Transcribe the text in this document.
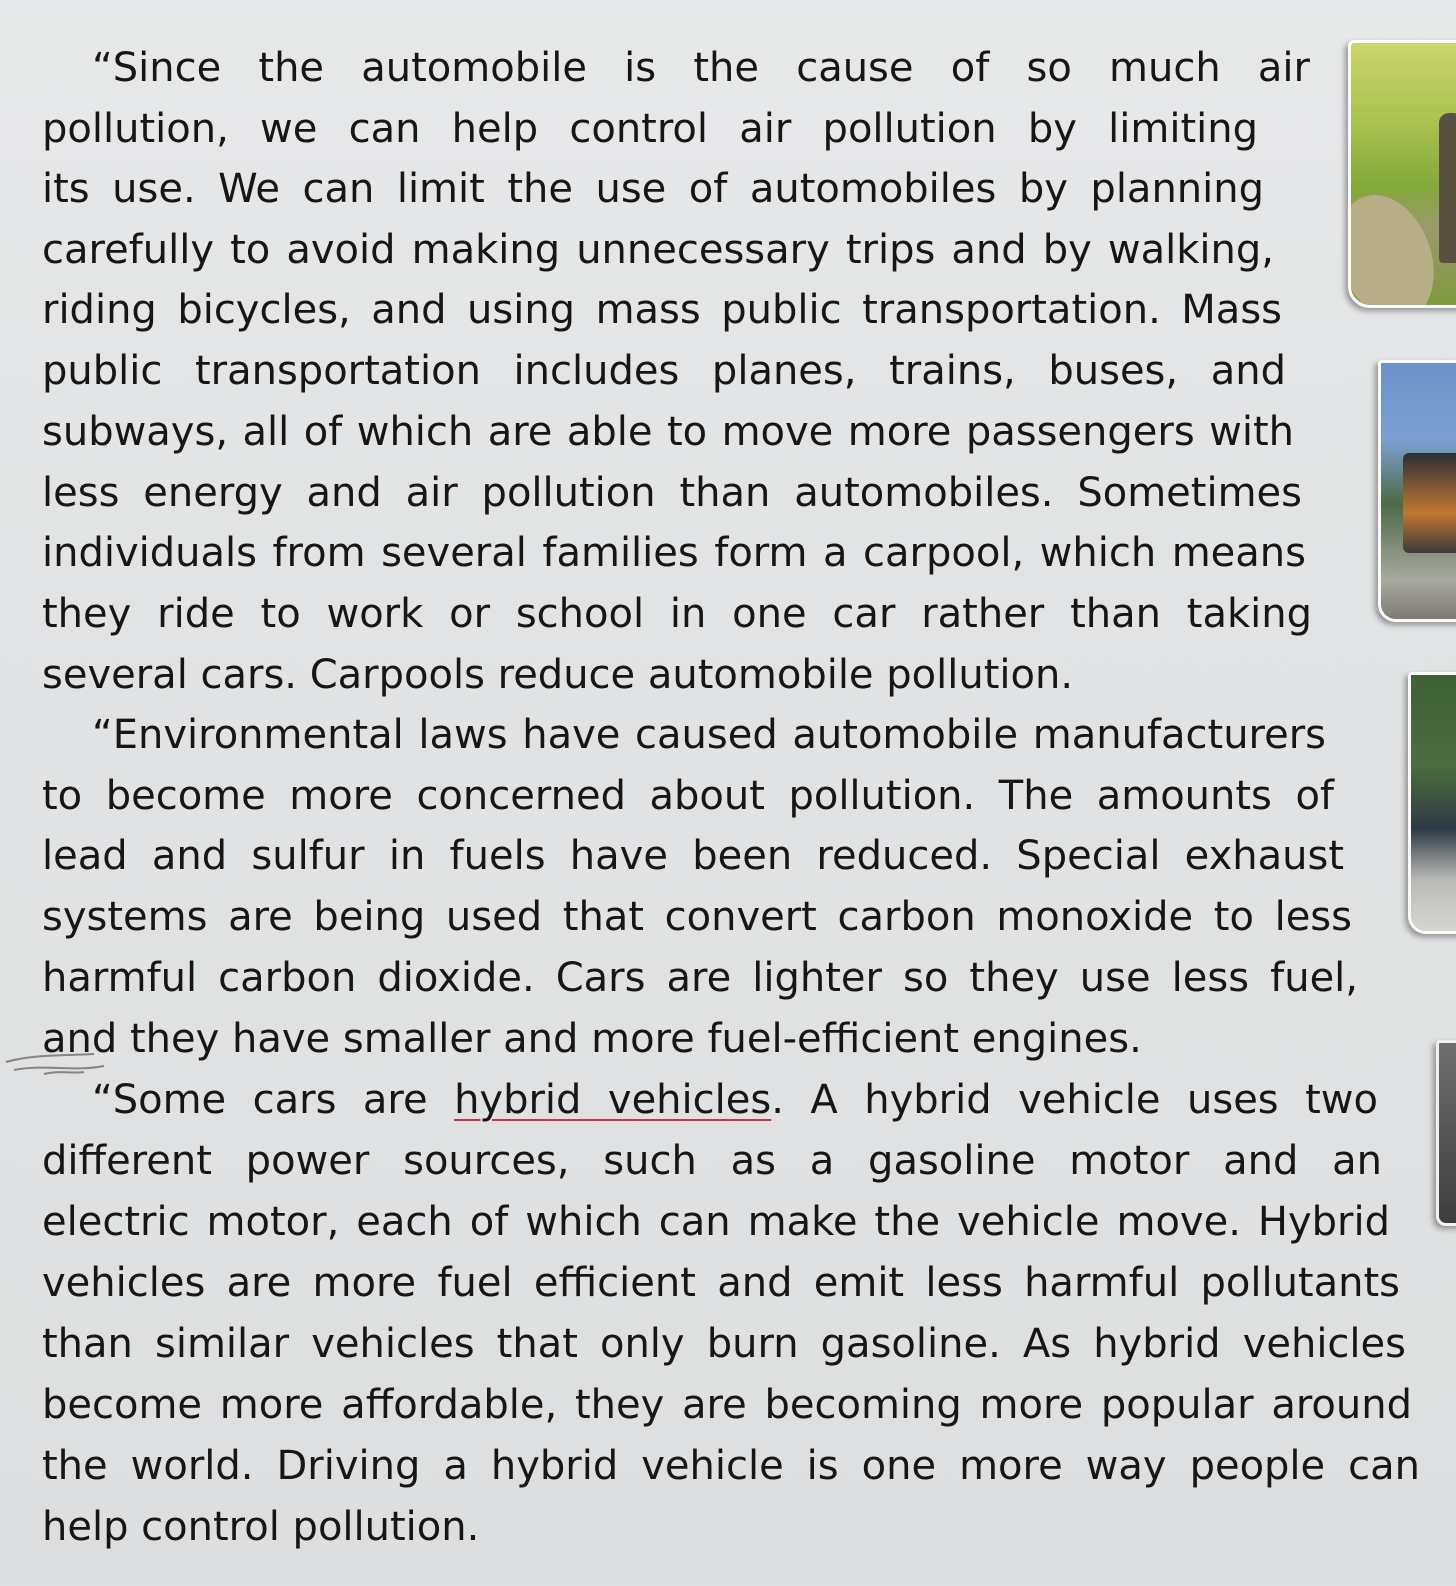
“Since the automobile is the cause of so much air
pollution, we can help control air pollution by limiting
its use. We can limit the use of automobiles by planning
carefully to avoid making unnecessary trips and by walking,
riding bicycles, and using mass public transportation. Mass
public transportation includes planes, trains, buses, and
subways, all of which are able to move more passengers with
less energy and air pollution than automobiles. Sometimes
individuals from several families form a carpool, which means
they ride to work or school in one car rather than taking
several cars. Carpools reduce automobile pollution.
“Environmental laws have caused automobile manufacturers
to become more concerned about pollution. The amounts of
lead and sulfur in fuels have been reduced. Special exhaust
systems are being used that convert carbon monoxide to less
harmful carbon dioxide. Cars are lighter so they use less fuel,
and they have smaller and more fuel-efficient engines.
“Some cars are hybrid vehicles. A hybrid vehicle uses two
different power sources, such as a gasoline motor and an
electric motor, each of which can make the vehicle move. Hybrid
vehicles are more fuel efficient and emit less harmful pollutants
than similar vehicles that only burn gasoline. As hybrid vehicles
become more affordable, they are becoming more popular around
the world. Driving a hybrid vehicle is one more way people can
help control pollution.
